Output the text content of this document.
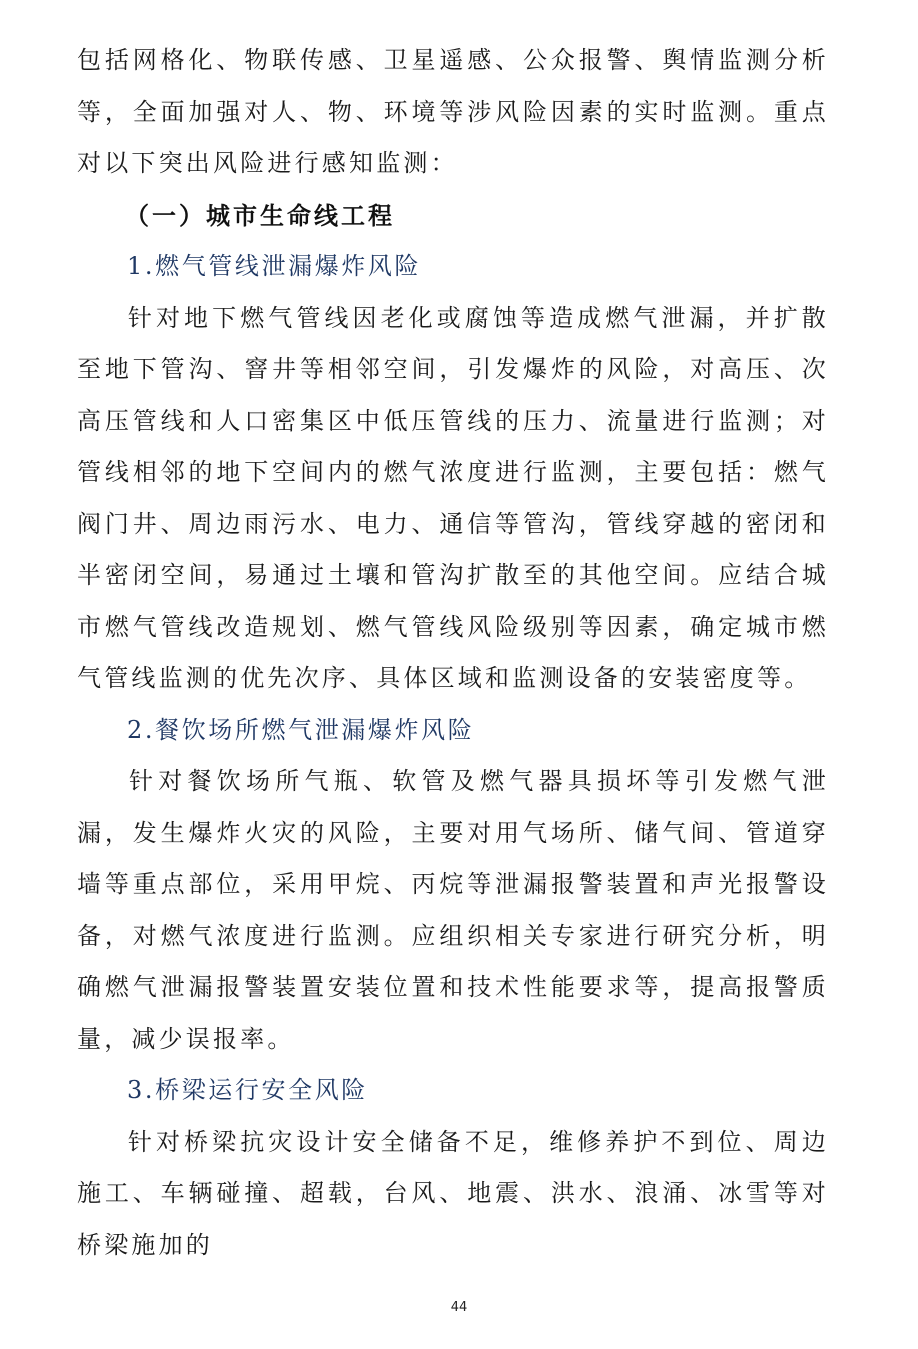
包括网格化、物联传感、卫星遥感、公众报警、舆情监测分析等，全面加强对人、物、环境等涉风险因素的实时监测。重点对以下突出风险进行感知监测：

（一）城市生命线工程

1.燃气管线泄漏爆炸风险

针对地下燃气管线因老化或腐蚀等造成燃气泄漏，并扩散至地下管沟、窨井等相邻空间，引发爆炸的风险，对高压、次高压管线和人口密集区中低压管线的压力、流量进行监测；对管线相邻的地下空间内的燃气浓度进行监测，主要包括：燃气阀门井、周边雨污水、电力、通信等管沟，管线穿越的密闭和半密闭空间，易通过土壤和管沟扩散至的其他空间。应结合城市燃气管线改造规划、燃气管线风险级别等因素，确定城市燃气管线监测的优先次序、具体区域和监测设备的安装密度等。

2.餐饮场所燃气泄漏爆炸风险

针对餐饮场所气瓶、软管及燃气器具损坏等引发燃气泄漏，发生爆炸火灾的风险，主要对用气场所、储气间、管道穿墙等重点部位，采用甲烷、丙烷等泄漏报警装置和声光报警设备，对燃气浓度进行监测。应组织相关专家进行研究分析，明确燃气泄漏报警装置安装位置和技术性能要求等，提高报警质量，减少误报率。

3.桥梁运行安全风险

针对桥梁抗灾设计安全储备不足，维修养护不到位、周边施工、车辆碰撞、超载，台风、地震、洪水、浪涌、冰雪等对桥梁施加的

44
